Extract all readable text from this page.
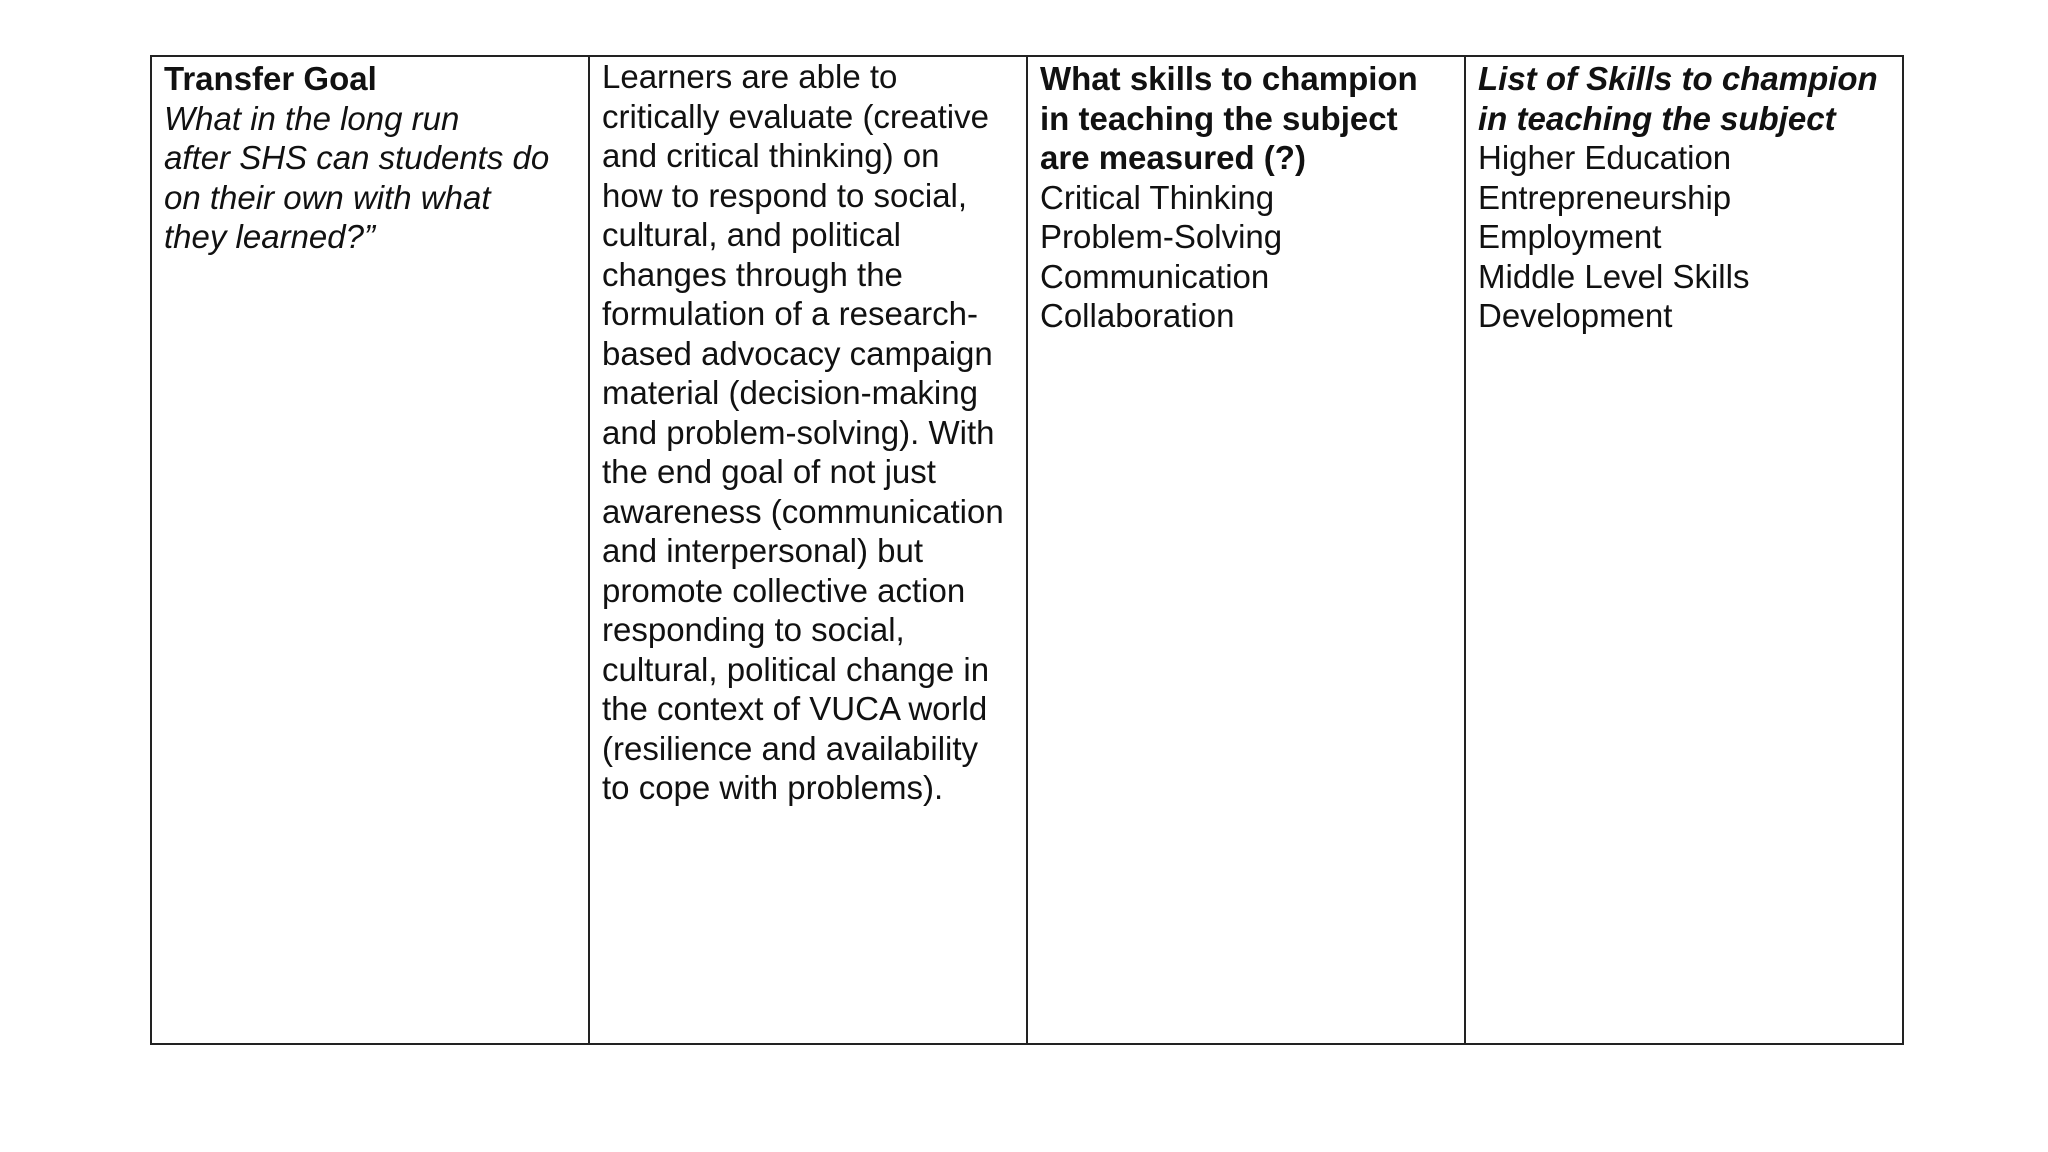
Transfer Goal
What in the long run
after SHS can students do
on their own with what
they learned?”

Learners are able to
critically evaluate (creative
and critical thinking) on
how to respond to social,
cultural, and political
changes through the
formulation of a research-
based advocacy campaign
material (decision-making
and problem-solving). With
the end goal of not just
awareness (communication
and interpersonal) but
promote collective action
responding to social,
cultural, political change in
the context of VUCA world
(resilience and availability
to cope with problems).

What skills to champion
in teaching the subject
are measured (?)
Critical Thinking
Problem-Solving
Communication
Collaboration

List of Skills to champion
in teaching the subject
Higher Education
Entrepreneurship
Employment
Middle Level Skills
Development
